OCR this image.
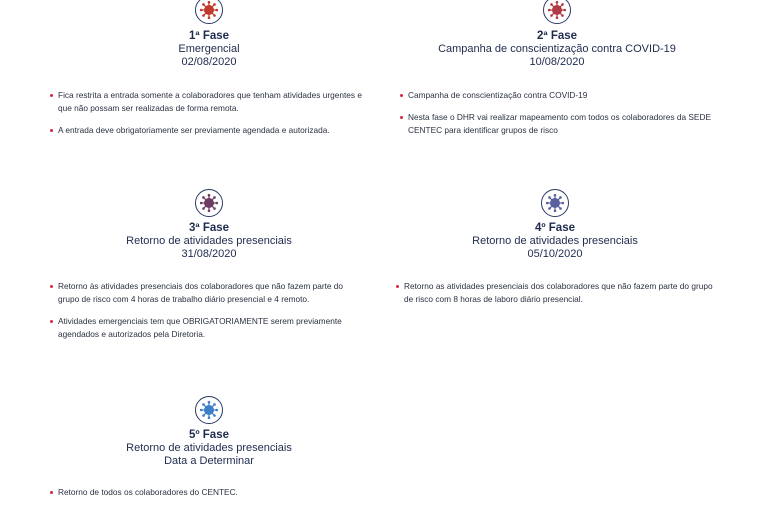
1ª Fase
Emergencial
02/08/2020
Fica restrita a entrada somente a colaboradores que tenham atividades urgentes e que não possam ser realizadas de forma remota.
A entrada deve obrigatoriamente ser previamente agendada e autorizada.
2ª Fase
Campanha de conscientização contra COVID-19
10/08/2020
Campanha de conscientização contra COVID-19
Nesta fase o DHR vai realizar mapeamento com todos os colaboradores da SEDE CENTEC para identificar grupos de risco
3ª Fase
Retorno de atividades presenciais
31/08/2020
Retorno às atividades presenciais dos colaboradores que não fazem parte do grupo de risco com 4 horas de trabalho diário presencial e 4 remoto.
Atividades emergenciais tem que OBRIGATORIAMENTE serem previamente agendados e autorizados pela Diretoria.
4º Fase
Retorno de atividades presenciais
05/10/2020
Retorno as atividades presenciais dos colaboradores que não fazem parte do grupo de risco com 8 horas de laboro diário presencial.
5º Fase
Retorno de atividades presenciais
Data a Determinar
Retorno de todos os colaboradores do CENTEC.
